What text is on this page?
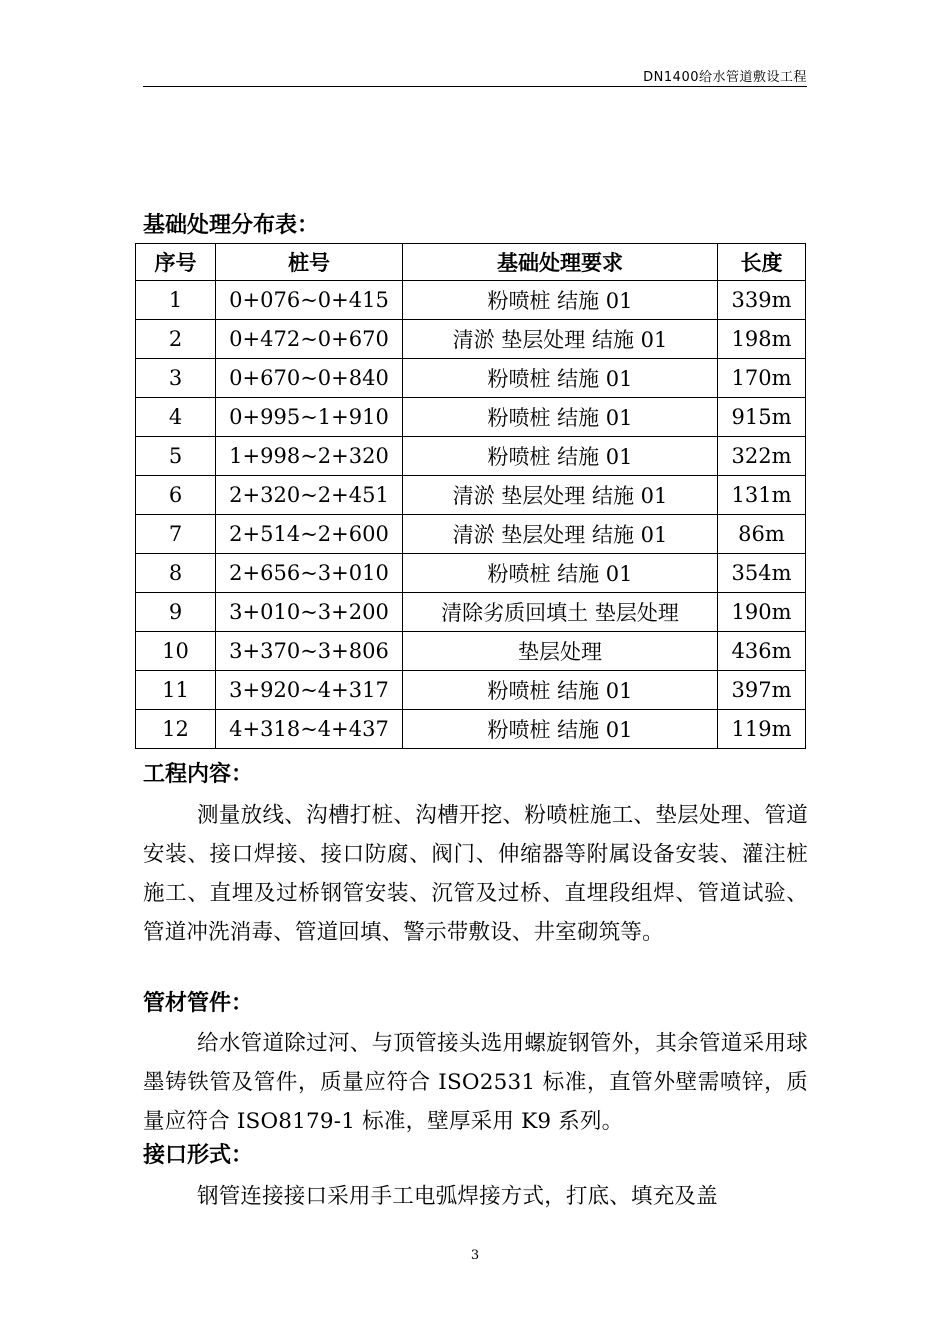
DN1400给水管道敷设工程
基础处理分布表：
序号	桩号	基础处理要求	长度
1	0+076~0+415	粉喷桩 结施 01	339m
2	0+472~0+670	清淤 垫层处理 结施 01	198m
3	0+670~0+840	粉喷桩 结施 01	170m
4	0+995~1+910	粉喷桩 结施 01	915m
5	1+998~2+320	粉喷桩 结施 01	322m
6	2+320~2+451	清淤 垫层处理 结施 01	131m
7	2+514~2+600	清淤 垫层处理 结施 01	86m
8	2+656~3+010	粉喷桩 结施 01	354m
9	3+010~3+200	清除劣质回填土 垫层处理	190m
10	3+370~3+806	垫层处理	436m
11	3+920~4+317	粉喷桩 结施 01	397m
12	4+318~4+437	粉喷桩 结施 01	119m
工程内容：
测量放线、沟槽打桩、沟槽开挖、粉喷桩施工、垫层处理、管道安装、接口焊接、接口防腐、阀门、伸缩器等附属设备安装、灌注桩施工、直埋及过桥钢管安装、沉管及过桥、直埋段组焊、管道试验、管道冲洗消毒、管道回填、警示带敷设、井室砌筑等。
管材管件：
给水管道除过河、与顶管接头选用螺旋钢管外，其余管道采用球墨铸铁管及管件，质量应符合 ISO2531 标准，直管外壁需喷锌，质量应符合 ISO8179-1 标准，壁厚采用 K9 系列。
接口形式：
钢管连接接口采用手工电弧焊接方式，打底、填充及盖
3
